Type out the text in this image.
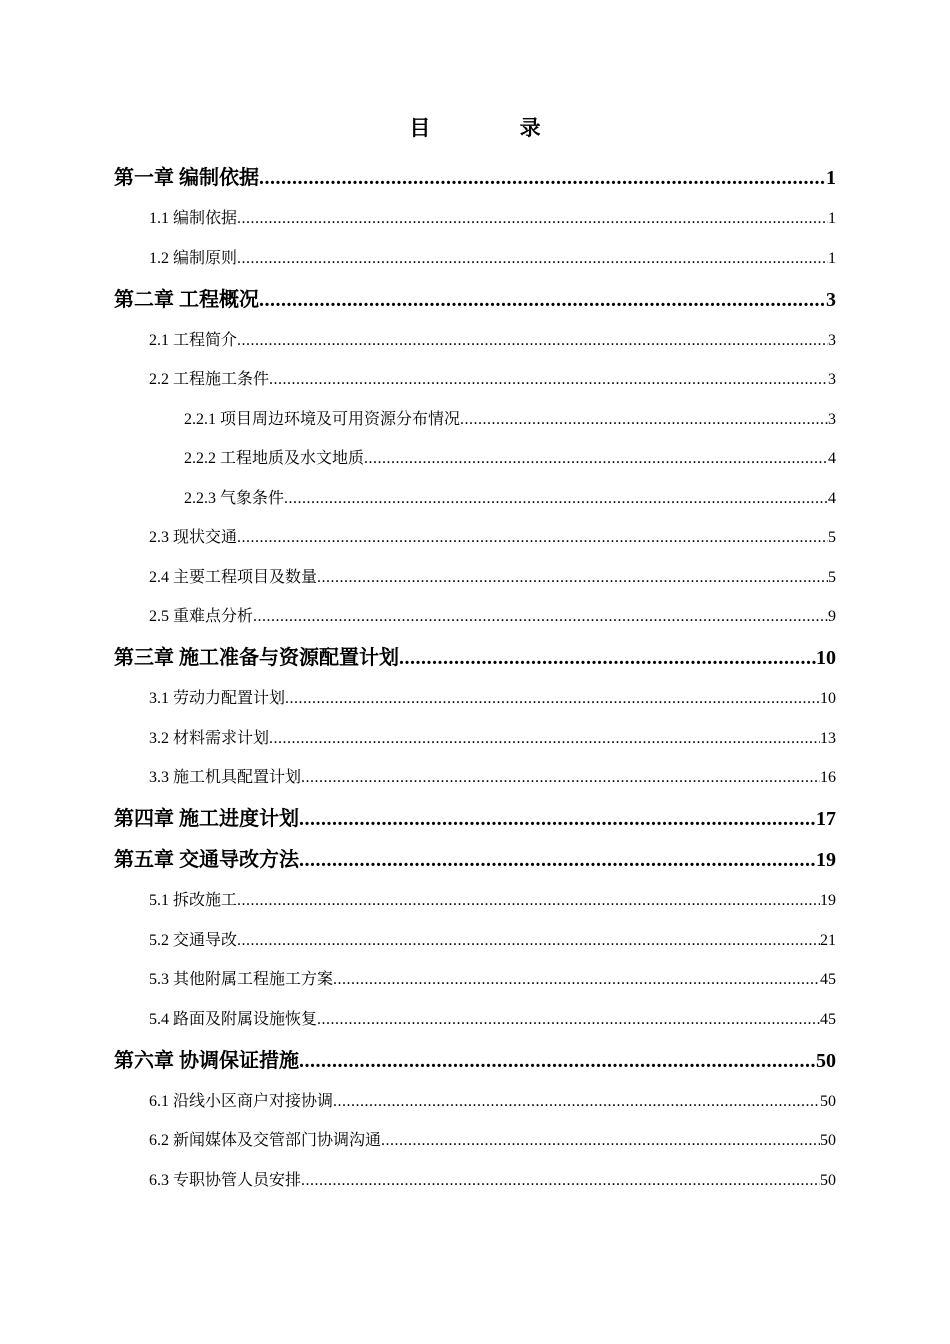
目 录
第一章 编制依据 .....	1
1.1 编制依据 .....	1
1.2 编制原则 .....	1
第二章 工程概况 .....	3
2.1 工程简介 .....	3
2.2 工程施工条件 .....	3
2.2.1 项目周边环境及可用资源分布情况 .....	3
2.2.2 工程地质及水文地质 .....	4
2.2.3 气象条件 .....	4
2.3 现状交通 .....	5
2.4 主要工程项目及数量 .....	5
2.5 重难点分析 .....	9
第三章 施工准备与资源配置计划 .....	10
3.1 劳动力配置计划 .....	10
3.2 材料需求计划 .....	13
3.3 施工机具配置计划 .....	16
第四章 施工进度计划 .....	17
第五章 交通导改方法 .....	19
5.1 拆改施工 .....	19
5.2 交通导改 .....	21
5.3 其他附属工程施工方案 .....	45
5.4 路面及附属设施恢复 .....	45
第六章 协调保证措施 .....	50
6.1 沿线小区商户对接协调 .....	50
6.2 新闻媒体及交管部门协调沟通 .....	50
6.3 专职协管人员安排 .....	50
